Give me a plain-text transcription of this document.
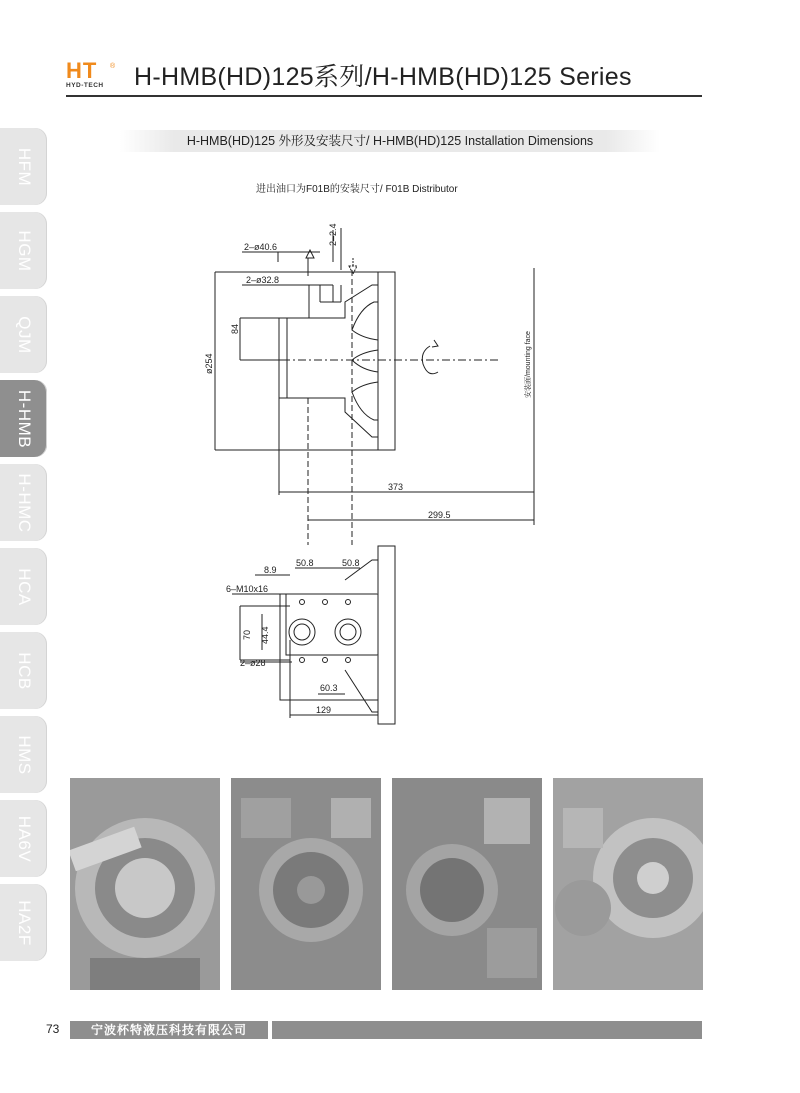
HT ®
HYD-TECH H-HMB(HD)125系列/H-HMB(HD)125 Series
H-HMB(HD)125 外形及安装尺寸/ H-HMB(HD)125 Installation Dimensions
进出油口为F01B的安装尺寸/ F01B Distributor
HFM
HGM
QJM
H-HMB
H-HMC
HCA
HCB
HMS
HA6V
HA2F
2–ø40.6
2–ø32.8
2–2.4
84
ø254	安装面/mounting face
373
299.5
8.9
50.8	50.8
6–M10x16
70 44.4
2–ø28
60.3
129
73	宁波杯特液压科技有限公司
